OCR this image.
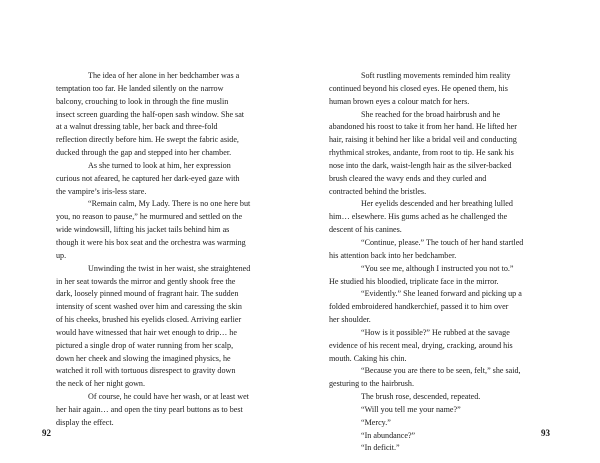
The idea of her alone in her bedchamber was a
temptation too far. He landed silently on the narrow
balcony, crouching to look in through the fine muslin
insect screen guarding the half-open sash window. She sat
at a walnut dressing table, her back and three-fold
reflection directly before him. He swept the fabric aside,
ducked through the gap and stepped into her chamber.

As she turned to look at him, her expression
curious not afeared, he captured her dark-eyed gaze with
the vampire’s iris-less stare.

“Remain calm, My Lady. There is no one here but
you, no reason to pause,” he murmured and settled on the
wide windowsill, lifting his jacket tails behind him as
though it were his box seat and the orchestra was warming
up.

Unwinding the twist in her waist, she straightened
in her seat towards the mirror and gently shook free the
dark, loosely pinned mound of fragrant hair. The sudden
intensity of scent washed over him and caressing the skin
of his cheeks, brushed his eyelids closed. Arriving earlier
would have witnessed that hair wet enough to drip… he
pictured a single drop of water running from her scalp,
down her cheek and slowing the imagined physics, he
watched it roll with tortuous disrespect to gravity down
the neck of her night gown.

Of course, he could have her wash, or at least wet
her hair again… and open the tiny pearl buttons as to best
display the effect.

Soft rustling movements reminded him reality
continued beyond his closed eyes. He opened them, his
human brown eyes a colour match for hers.

She reached for the broad hairbrush and he
abandoned his roost to take it from her hand. He lifted her
hair, raising it behind her like a bridal veil and conducting
rhythmical strokes, andante, from root to tip. He sank his
nose into the dark, waist-length hair as the silver-backed
brush cleared the wavy ends and they curled and
contracted behind the bristles.

Her eyelids descended and her breathing lulled
him… elsewhere. His gums ached as he challenged the
descent of his canines.

“Continue, please.” The touch of her hand startled
his attention back into her bedchamber.

“You see me, although I instructed you not to.”
He studied his bloodied, triplicate face in the mirror.

“Evidently.” She leaned forward and picking up a
folded embroidered handkerchief, passed it to him over
her shoulder.

“How is it possible?” He rubbed at the savage
evidence of his recent meal, drying, cracking, around his
mouth. Caking his chin.

“Because you are there to be seen, felt,” she said,
gesturing to the hairbrush.

The brush rose, descended, repeated.

“Will you tell me your name?”

“Mercy.”

“In abundance?”

“In deficit.”

92	93
